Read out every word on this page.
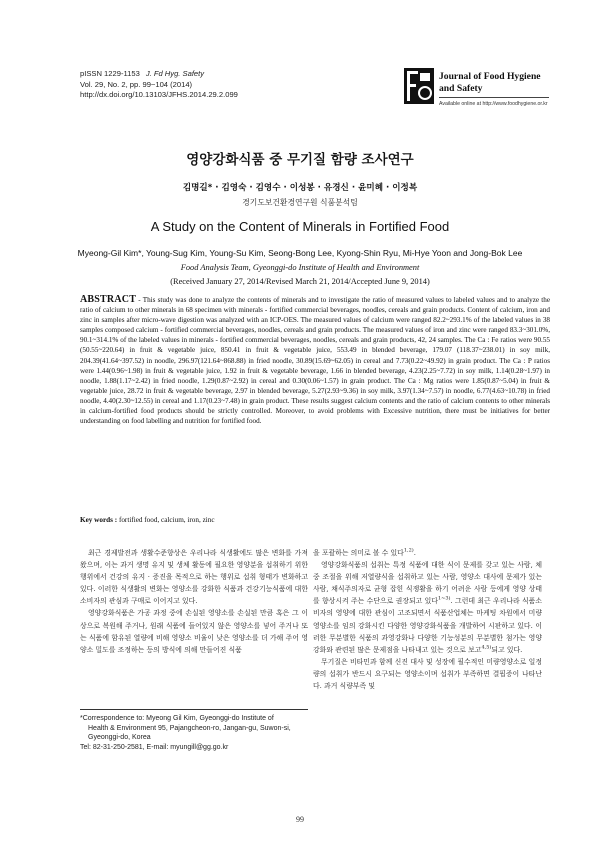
pISSN 1229-1153 J. Fd Hyg. Safety
Vol. 29, No. 2, pp. 99~104 (2014)
http://dx.doi.org/10.13103/JFHS.2014.29.2.099
Journal of Food Hygiene
and Safety
Available online at http://www.foodhygiene.or.kr
영양강화식품 중 무기질 함량 조사연구
김명길* · 김영숙 · 김영수 · 이성봉 · 유경신 · 윤미혜 · 이정복
경기도보건환경연구원 식품분석팀
A Study on the Content of Minerals in Fortified Food
Myeong-Gil Kim*, Young-Sug Kim, Young-Su Kim, Seong-Bong Lee, Kyong-Shin Ryu, Mi-Hye Yoon and Jong-Bok Lee
Food Analysis Team, Gyeonggi-do Institute of Health and Environment
(Received January 27, 2014/Revised March 21, 2014/Accepted June 9, 2014)
ABSTRACT - This study was done to analyze the contents of minerals and to investigate the ratio of measured values to labeled values and to analyze the ratio of calcium to other minerals in 68 specimen with minerals - fortified commercial beverages, noodles, cereals and grain products. Content of calcium, iron and zinc in samples after micro-wave digestion was analyzed with an ICP-OES. The measured values of calcium were ranged 82.2~293.1% of the labeled values in 38 samples composed calcium - fortified commercial beverages, noodles, cereals and grain products. The measured values of iron and zinc were ranged 83.3~301.0%, 90.1~314.1% of the labeled values in minerals - fortified commercial beverages, noodles, cereals and grain products, 42, 24 samples. The Ca : Fe ratios were 90.55 (50.55~220.64) in fruit & vegetable juice, 850.41 in fruit & vegetable juice, 553.49 in blended beverage, 179.07 (118.37~238.01) in soy milk, 204.39(41.64~397.52) in noodle, 296.97(121.64~868.88) in fried noodle, 30.89(15.69~62.05) in cereal and 7.73(0.22~49.92) in grain product. The Ca : P ratios were 1.44(0.96~1.98) in fruit & vegetable juice, 1.92 in fruit & vegetable beverage, 1.66 in blended beverage, 4.23(2.25~7.72) in soy milk, 1.14(0.28~1.97) in noodle, 1.88(1.17~2.42) in fried noodle, 1.29(0.87~2.92) in cereal and 0.30(0.06~1.57) in grain product. The Ca : Mg ratios were 1.85(0.87~5.04) in fruit & vegetable juice, 28.72 in fruit & vegetable beverage, 2.97 in blended beverage, 5.27(2.93~9.36) in soy milk, 3.97(1.34~7.57) in noodle, 6.77(4.63~10.78) in fried noodle, 4.40(2.30~12.55) in cereal and 1.17(0.23~7.48) in grain product. These results suggest calcium contents and the ratio of calcium contents to other minerals in calcium-fortified food products should be strictly controlled. Moreover, to avoid problems with Excessive nutrition, there must be initiatives for better understanding on food labelling and nutrition for fortified food.
Key words : fortified food, calcium, iron, zinc

최근 경제발전과 생활수준향상은 우리나라 식생활에도 많은 변화를 가져왔으며, 이는 과거 생명 유지 및 생체 활동에 필요한 영양분을 섭취하기 위한 행위에서 건강의 유지 · 증진을 목적으로 하는 행위로 섭취 형태가 변화하고 있다. 이러한 식생활의 변화는 영양소를 강화한 식품과 건강기능식품에 대한 소비자의 관심과 구매로 이어지고 있다.

영양강화식품은 가공 과정 중에 손실된 영양소를 손실된 만큼 혹은 그 이상으로 복원해 주거나, 원래 식품에 들어있지 않은 영양소를 넣어 주거나 또는 식품에 함유된 열량에 비해 영양소 비율이 낮은 영양소를 더 가해 주어 영양소 밀도를 조정하는 등의 방식에 의해 만들어진 식품

을 포괄하는 의미로 볼 수 있다$^{1,2)}$.

영양강화식품의 섭취는 특정 식품에 대한 식이 문제를 갖고 있는 사람, 체중 조절을 위해 저열량식을 섭취하고 있는 사람, 영양소 대사에 문제가 있는 사람, 채식주의자로 균형 잡힌 식쟁활을 하기 어려운 사람 등에게 영양 상태를 향상시켜 주는 수단으로 권장되고 있다$^{1\sim 3)}$. 그런데 최근 우리나라 식품소비자의 영양에 대한 관심이 고조되면서 식품산업체는 마케팅 차원에서 미량영양소를 임의 강화시킨 다양한 영양강화식품을 개발하여 시판하고 있다. 이러한 무분별한 식품의 과영강화나 다양한 기능성분의 무분별한 첨가는 영양강화와 관련된 많은 문제점을 나타내고 있는 것으로 보고$^{4,5)}$되고 있다.

무기질은 비타민과 함께 신진 대사 및 성장에 필수적인 미량영양소로 일정량의 섭취가 반드시 요구되는 영양소이며 섭취가 부족하면 결핍증이 나타난다. 과거 식량부족 및

*Correspondence to: Myeong Gil Kim, Gyeonggi-do Institute of
Health & Environment 95, Pajangcheon-ro, Jangan-gu, Suwon-si,
Gyeonggi-do, Korea
Tel: 82-31-250-2581, E-mail: myungill@gg.go.kr
99
